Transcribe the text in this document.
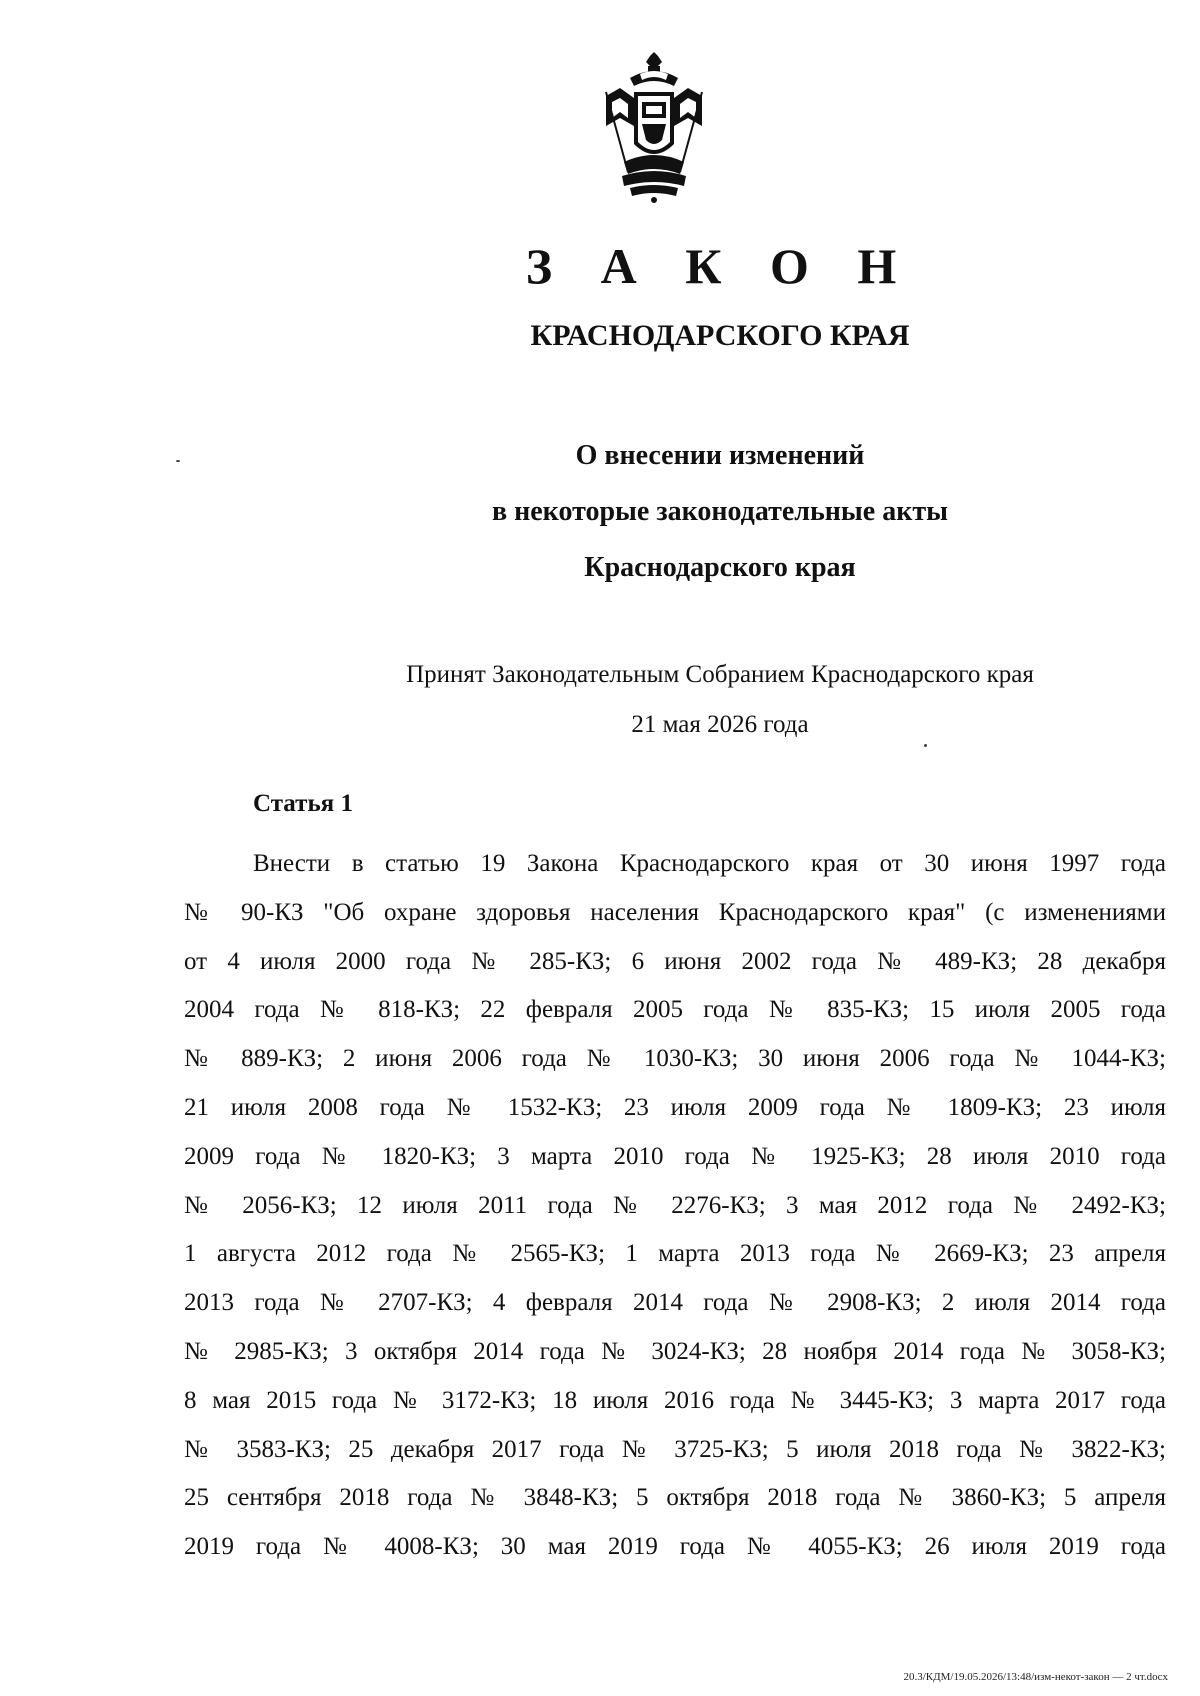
З А К О Н
КРАСНОДАРСКОГО КРАЯ
О внесении изменений
в некоторые законодательные акты
Краснодарского края
Принят Законодательным Собранием Краснодарского края
21 мая 2026 года
Статья 1
Внести в статью 19 Закона Краснодарского края от 30 июня 1997 года
№ 90-КЗ "Об охране здоровья населения Краснодарского края" (с изменениями
от 4 июля 2000 года № 285-КЗ; 6 июня 2002 года № 489-КЗ; 28 декабря
2004 года № 818-КЗ; 22 февраля 2005 года № 835-КЗ; 15 июля 2005 года
№ 889-КЗ; 2 июня 2006 года № 1030-КЗ; 30 июня 2006 года № 1044-КЗ;
21 июля 2008 года № 1532-КЗ; 23 июля 2009 года № 1809-КЗ; 23 июля
2009 года № 1820-КЗ; 3 марта 2010 года № 1925-КЗ; 28 июля 2010 года
№ 2056-КЗ; 12 июля 2011 года № 2276-КЗ; 3 мая 2012 года № 2492-КЗ;
1 августа 2012 года № 2565-КЗ; 1 марта 2013 года № 2669-КЗ; 23 апреля
2013 года № 2707-КЗ; 4 февраля 2014 года № 2908-КЗ; 2 июля 2014 года
№ 2985-КЗ; 3 октября 2014 года № 3024-КЗ; 28 ноября 2014 года № 3058-КЗ;
8 мая 2015 года № 3172-КЗ; 18 июля 2016 года № 3445-КЗ; 3 марта 2017 года
№ 3583-КЗ; 25 декабря 2017 года № 3725-КЗ; 5 июля 2018 года № 3822-КЗ;
25 сентября 2018 года № 3848-КЗ; 5 октября 2018 года № 3860-КЗ; 5 апреля
2019 года № 4008-КЗ; 30 мая 2019 года № 4055-КЗ; 26 июля 2019 года
20.3/КДМ/19.05.2026/13:48/изм-некот-закон — 2 чт.docx
